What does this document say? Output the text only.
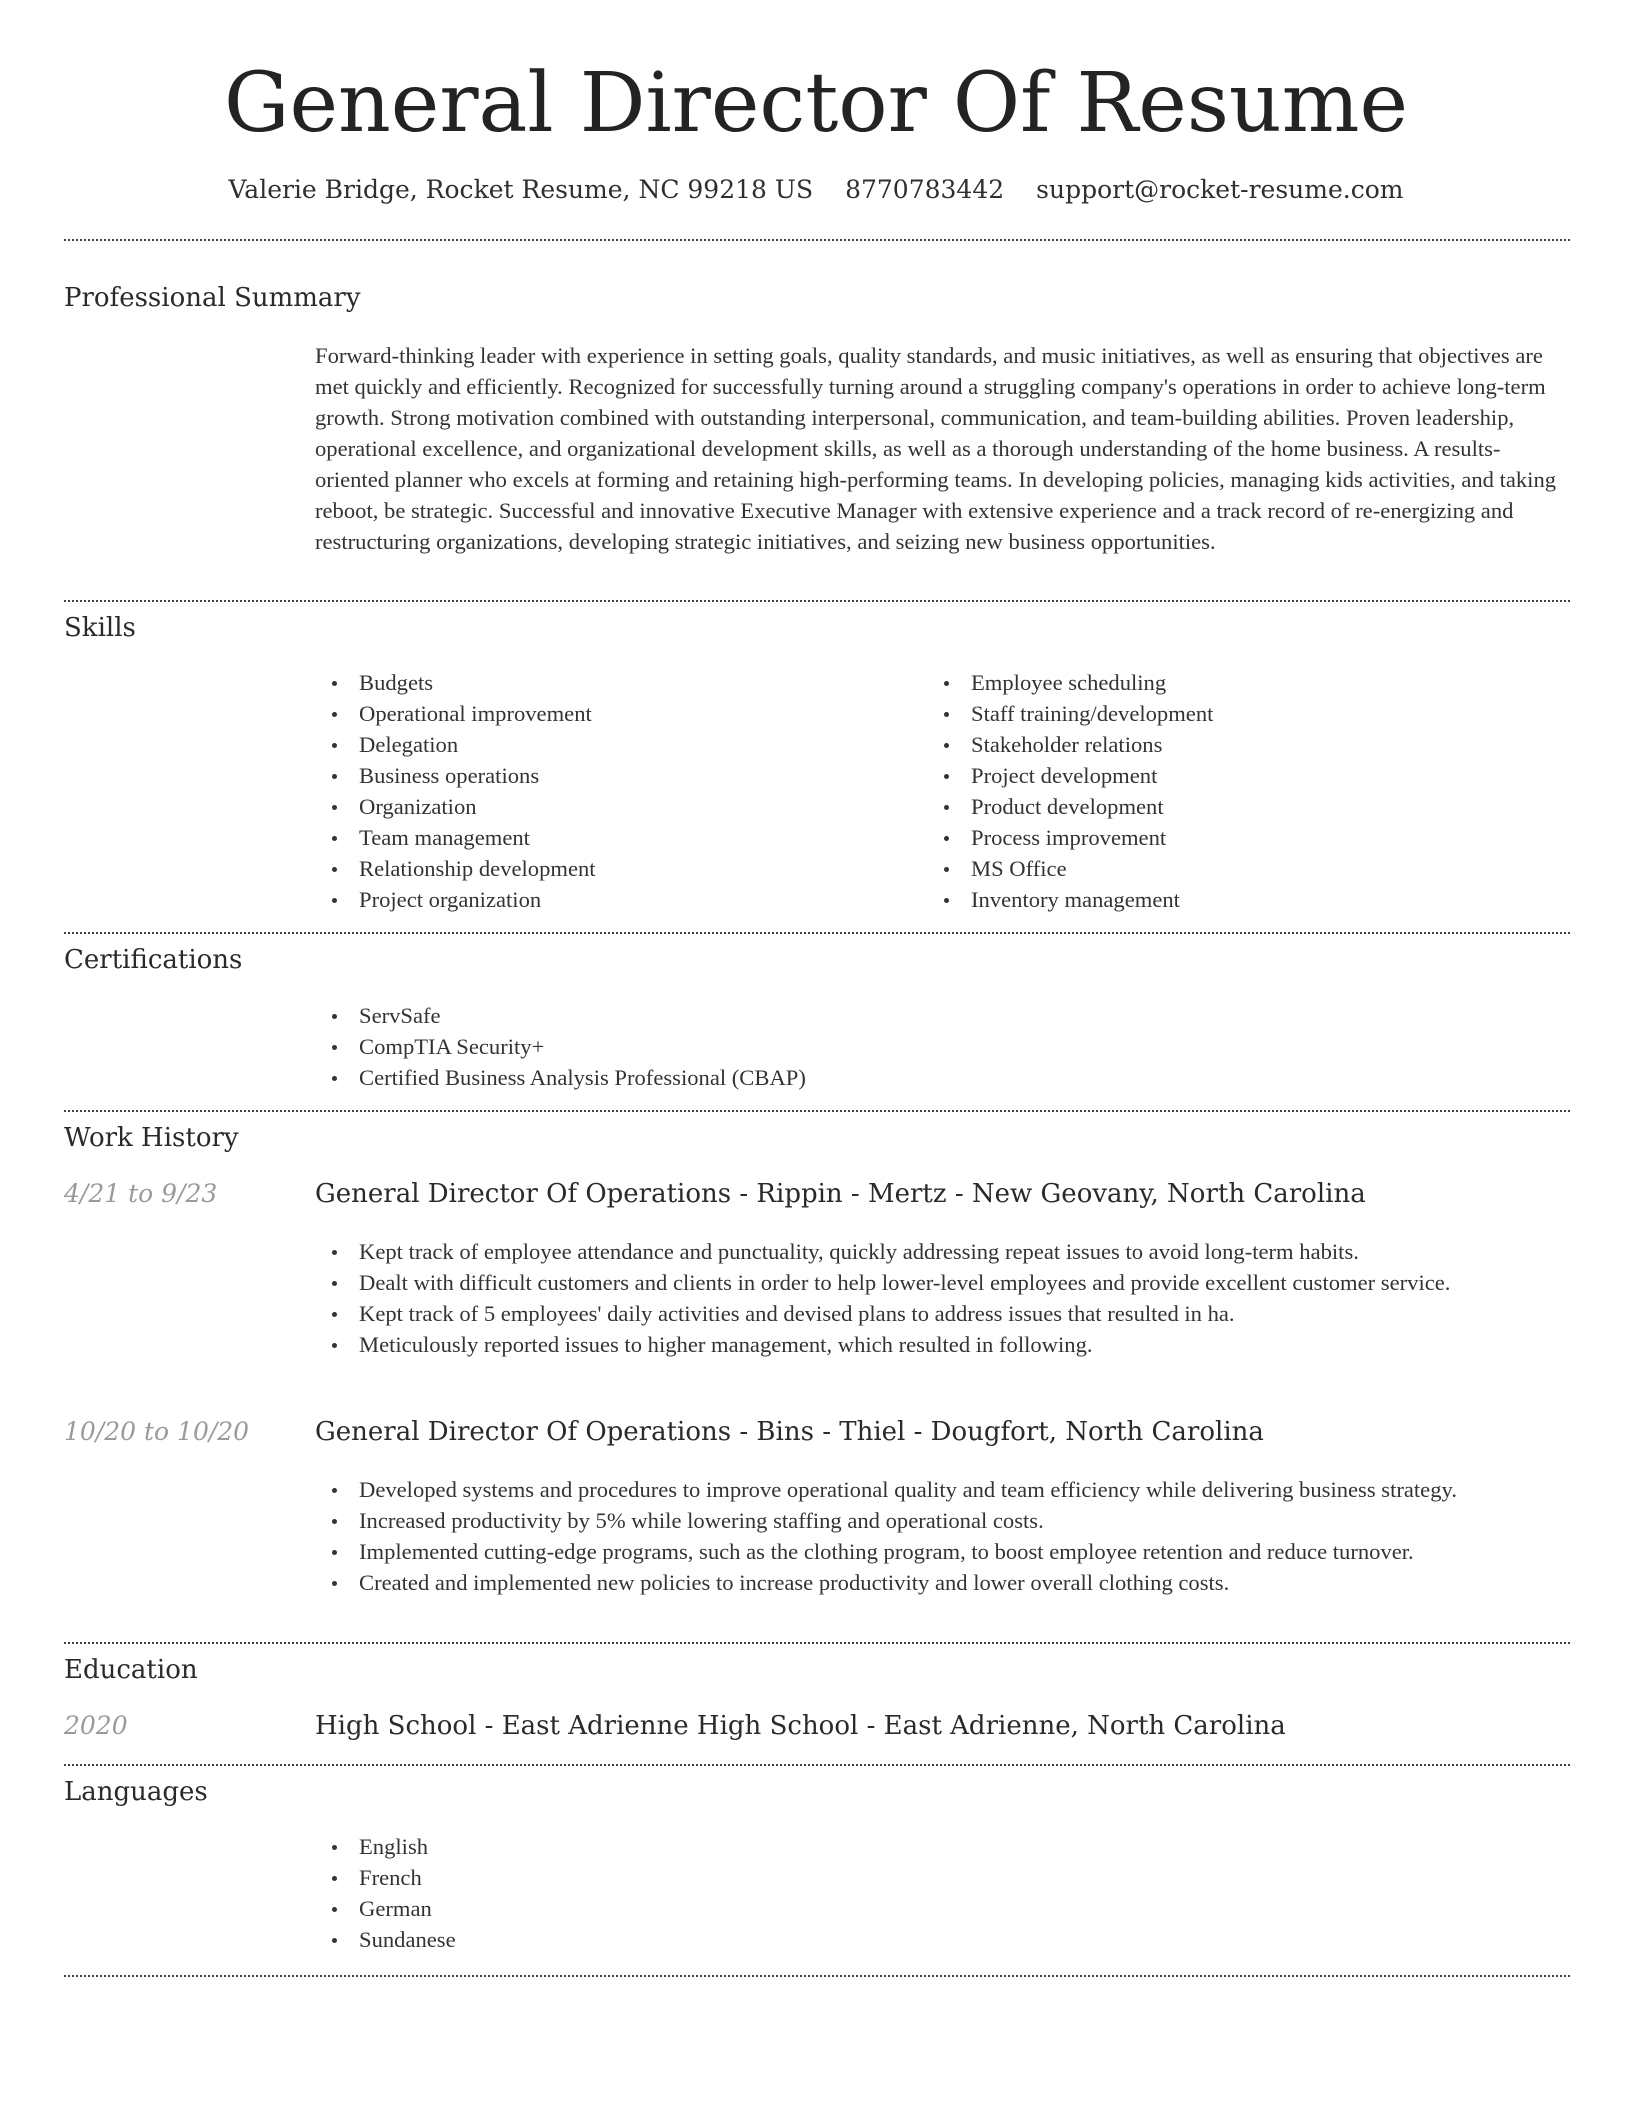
General Director Of Resume
Valerie Bridge, Rocket Resume, NC 99218 US 8770783442 support@rocket-resume.com
Professional Summary

Forward-thinking leader with experience in setting goals, quality standards, and music initiatives, as well as ensuring that objectives are met quickly and efficiently. Recognized for successfully turning around a struggling company's operations in order to achieve long-term growth. Strong motivation combined with outstanding interpersonal, communication, and team-building abilities. Proven leadership, operational excellence, and organizational development skills, as well as a thorough understanding of the home business. A results-oriented planner who excels at forming and retaining high-performing teams. In developing policies, managing kids activities, and taking reboot, be strategic. Successful and innovative Executive Manager with extensive experience and a track record of re-energizing and restructuring organizations, developing strategic initiatives, and seizing new business opportunities.

Skills
Budgets
Operational improvement
Delegation
Business operations
Organization
Team management
Relationship development
Project organization
Employee scheduling
Staff training/development
Stakeholder relations
Project development
Product development
Process improvement
MS Office
Inventory management
Certifications
ServSafe
CompTIA Security+
Certified Business Analysis Professional (CBAP)
Work History
4/21 to 9/23	General Director Of Operations - Rippin - Mertz - New Geovany, North Carolina
Kept track of employee attendance and punctuality, quickly addressing repeat issues to avoid long-term habits.
Dealt with difficult customers and clients in order to help lower-level employees and provide excellent customer service.
Kept track of 5 employees' daily activities and devised plans to address issues that resulted in ha.
Meticulously reported issues to higher management, which resulted in following.
10/20 to 10/20	General Director Of Operations - Bins - Thiel - Dougfort, North Carolina
Developed systems and procedures to improve operational quality and team efficiency while delivering business strategy.
Increased productivity by 5% while lowering staffing and operational costs.
Implemented cutting-edge programs, such as the clothing program, to boost employee retention and reduce turnover.
Created and implemented new policies to increase productivity and lower overall clothing costs.
Education
2020	High School - East Adrienne High School - East Adrienne, North Carolina
Languages
English
French
German
Sundanese
